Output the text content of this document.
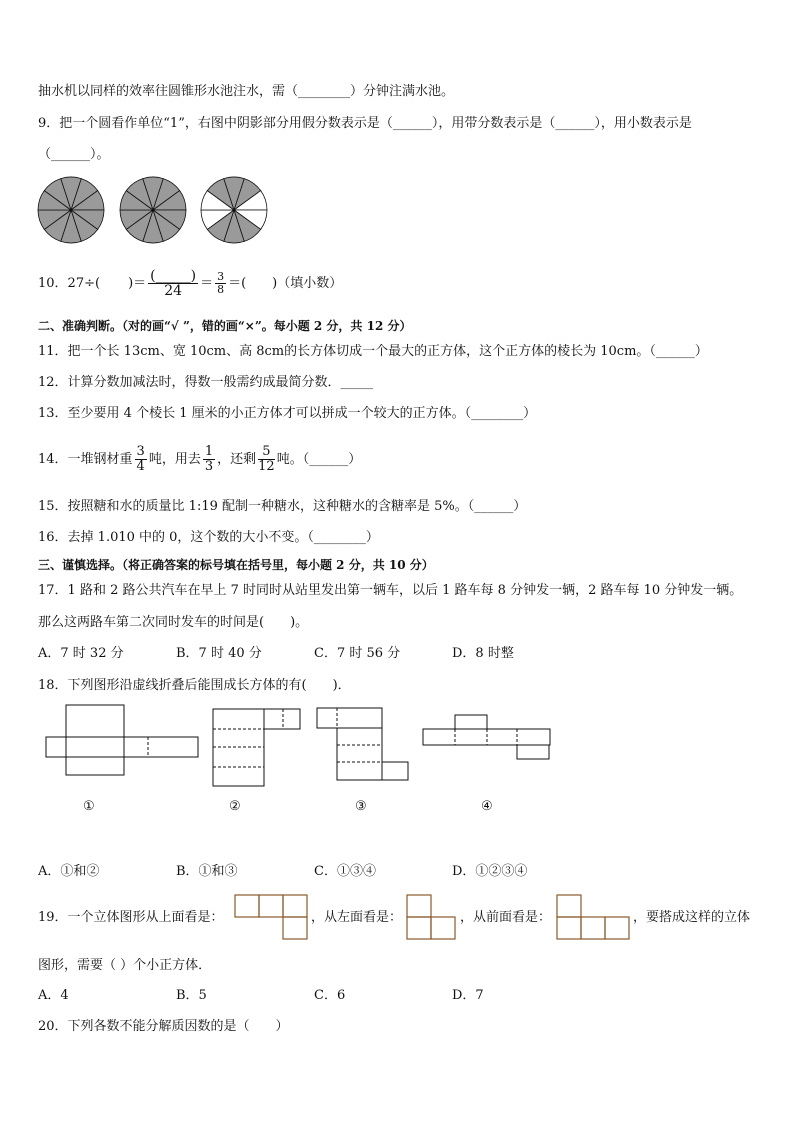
抽水机以同样的效率往圆锥形水池注水，需（________）分钟注满水池。
9．把一个圆看作单位“1”，右图中阴影部分用假分数表示是（______），用带分数表示是（______），用小数表示是
（______）。
10．27÷( )＝ $\frac{(\_\_\_\_\_)}{24} = \frac{3}{8}$ ＝( )（填小数）
二、准确判断。（对的画“√ ”，错的画“×”。每小题 2 分，共 12 分）
11．把一个长 13cm、宽 10cm、高 8cm的长方体切成一个最大的正方体，这个正方体的棱长为 10cm。（______）
12．计算分数加减法时，得数一般需约成最简分数．_____
13．至少要用 4 个棱长 1 厘米的小正方体才可以拼成一个较大的正方体。（________）
14．一堆钢材重 $\frac{3}{4}$ 吨，用去 $\frac{1}{3}$ ，还剩 $\frac{5}{12}$ 吨。（______）
15．按照糖和水的质量比 1:19 配制一种糖水，这种糖水的含糖率是 5%。（______）
16．去掉 1.010 中的 0，这个数的大小不变。（________）
三、谨慎选择。（将正确答案的标号填在括号里，每小题 2 分，共 10 分）
17．1 路和 2 路公共汽车在早上 7 时同时从站里发出第一辆车，以后 1 路车每 8 分钟发一辆，2 路车每 10 分钟发一辆。
那么这两路车第二次同时发车的时间是(　　)。
A．7 时 32 分	B．7 时 40 分	C．7 时 56 分	D．8 时整
18．下列图形沿虚线折叠后能围成长方体的有(　　)．
①	②	③	④
A．①和②	B．①和③	C．①③④	D．①②③④
19．一个立体图形从上面看是：	，从左面看是：	，从前面看是：	，要搭成这样的立体
图形，需要（ ）个小正方体．
A．4	B．5	C．6	D．7
20．下列各数不能分解质因数的是（　　）
